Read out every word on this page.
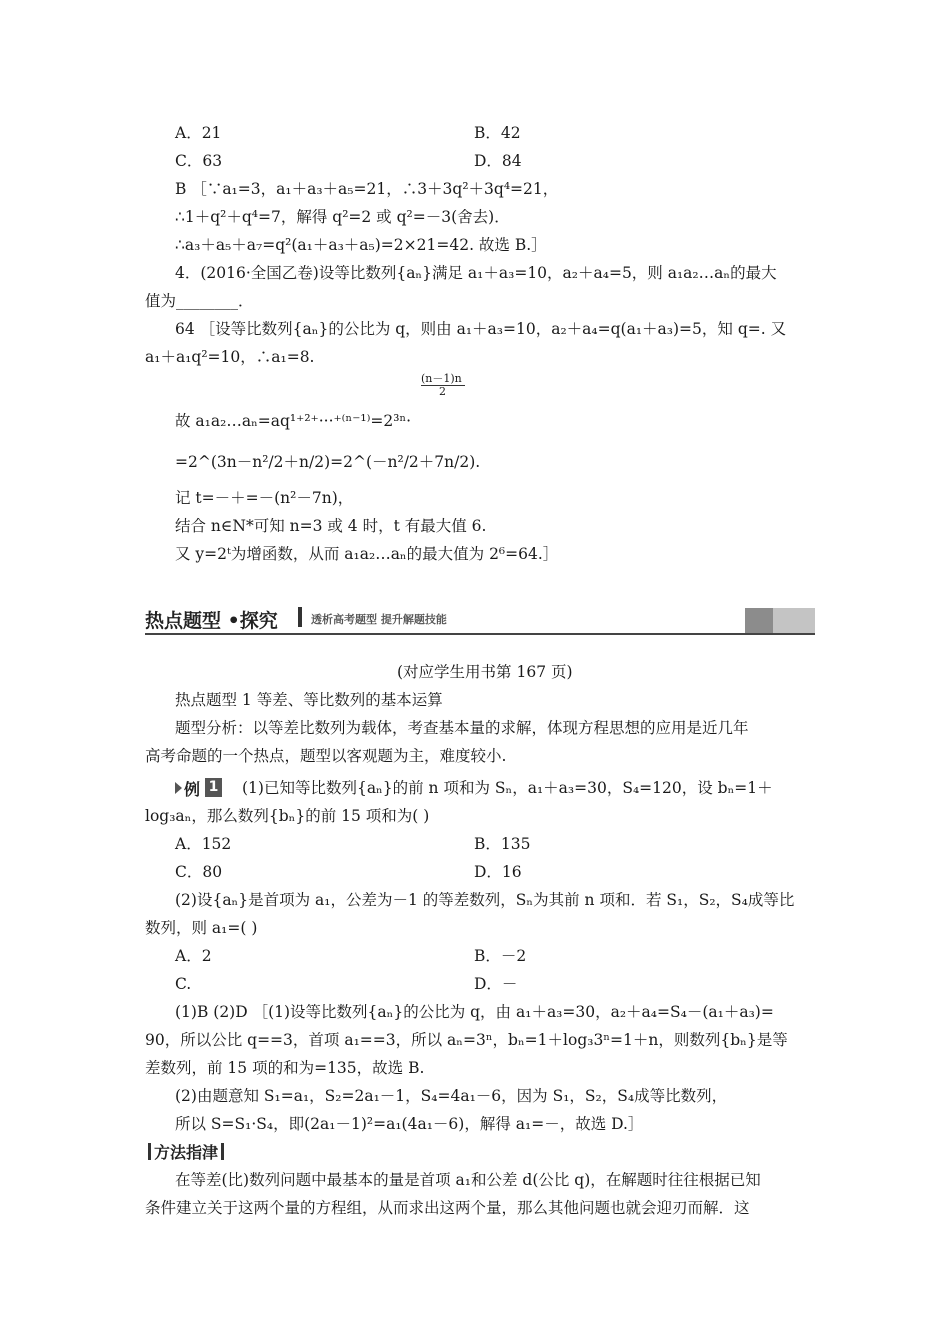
A．21	B．42
C．63	D．84
B ［∵a₁=3，a₁＋a₃＋a₅=21，∴3＋3q²＋3q⁴=21，
∴1＋q²＋q⁴=7，解得 q²=2 或 q²=－3(舍去)．
∴a₃＋a₅＋a₇=q²(a₁＋a₃＋a₅)=2×21=42. 故选 B.］
4．(2016·全国乙卷)设等比数列{aₙ}满足 a₁＋a₃=10，a₂＋a₄=5，则 a₁a₂…aₙ的最大
值为________．
64 ［设等比数列{aₙ}的公比为 q，则由 a₁＋a₃=10，a₂＋a₄=q(a₁＋a₃)=5，知 q=. 又
a₁＋a₁q²=10，∴a₁=8.
(n－1)n
2
故 a₁a₂…aₙ=aq¹⁺²⁺···⁺⁽ⁿ⁻¹⁾=2³ⁿ·
=2^(3n－n²/2＋n/2)=2^(－n²/2＋7n/2).
记 t=－＋=－(n²－7n)，
结合 n∈N*可知 n=3 或 4 时，t 有最大值 6.
又 y=2ᵗ为增函数，从而 a₁a₂…aₙ的最大值为 2⁶=64.］
热点题型 •探究	透析高考题型 提升解题技能
(对应学生用书第 167 页)
热点题型 1 等差、等比数列的基本运算
题型分析：以等差比数列为载体，考查基本量的求解，体现方程思想的应用是近几年
高考命题的一个热点，题型以客观题为主，难度较小.
例 1 (1)已知等比数列{aₙ}的前 n 项和为 Sₙ，a₁＋a₃=30，S₄=120，设 bₙ=1＋
log₃aₙ，那么数列{bₙ}的前 15 项和为( )
A．152	B．135
C．80	D．16
(2)设{aₙ}是首项为 a₁，公差为－1 的等差数列，Sₙ为其前 n 项和．若 S₁，S₂，S₄成等比
数列，则 a₁=( )
A．2	B．－2
C.	D．－
(1)B (2)D ［(1)设等比数列{aₙ}的公比为 q，由 a₁＋a₃=30，a₂＋a₄=S₄－(a₁＋a₃)=
90，所以公比 q==3，首项 a₁==3，所以 aₙ=3ⁿ，bₙ=1＋log₃3ⁿ=1＋n，则数列{bₙ}是等
差数列，前 15 项的和为=135，故选 B.
(2)由题意知 S₁=a₁，S₂=2a₁－1，S₄=4a₁－6，因为 S₁，S₂，S₄成等比数列，
所以 S=S₁·S₄，即(2a₁－1)²=a₁(4a₁－6)，解得 a₁=－，故选 D.］
方法指津
在等差(比)数列问题中最基本的量是首项 a₁和公差 d(公比 q)，在解题时往往根据已知
条件建立关于这两个量的方程组，从而求出这两个量，那么其他问题也就会迎刃而解．这
